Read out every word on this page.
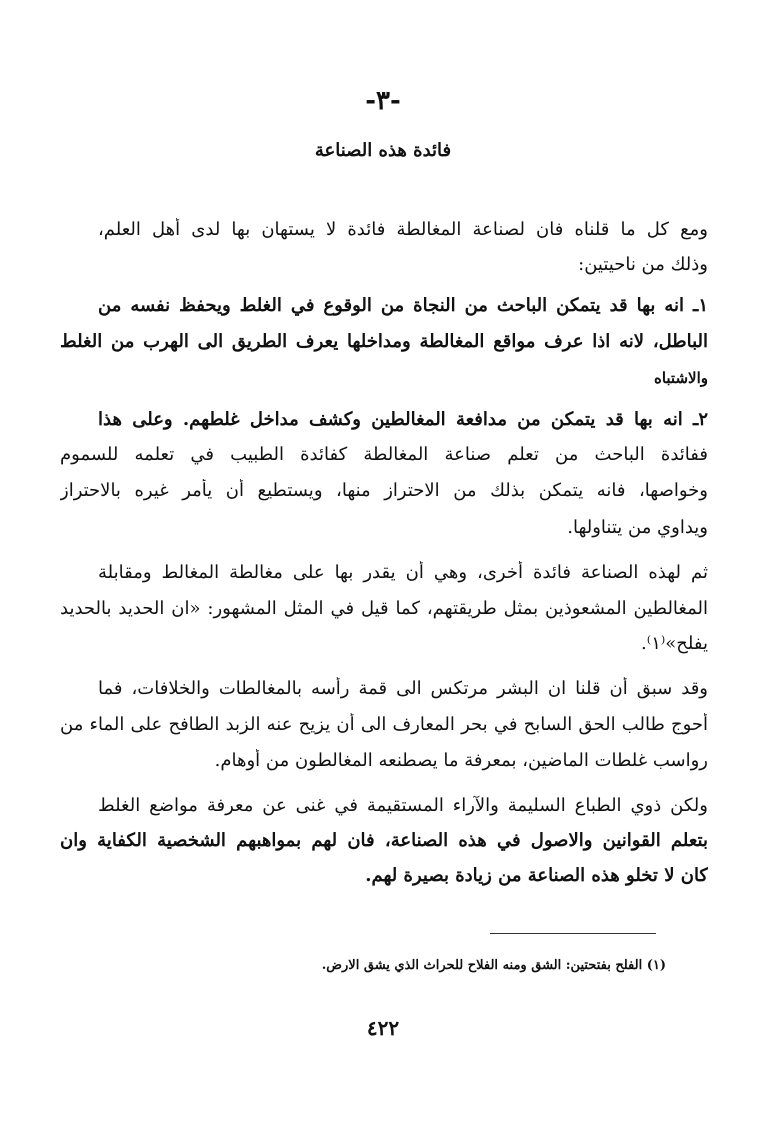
-٣-
فائدة هذه الصناعة
ومع كل ما قلناه فان لصناعة المغالطة فائدة لا يستهان بها لدى أهل العلم،
وذلك من ناحيتين:
١ـ انه بها قد يتمكن الباحث من النجاة من الوقوع في الغلط ويحفظ نفسه من
الباطل، لانه اذا عرف مواقع المغالطة ومداخلها يعرف الطريق الى الهرب من الغلط
والاشتباه
٢ـ انه بها قد يتمكن من مدافعة المغالطين وكشف مداخل غلطهم. وعلى هذا
ففائدة الباحث من تعلم صناعة المغالطة كفائدة الطبيب في تعلمه للسموم
وخواصها، فانه يتمكن بذلك من الاحتراز منها، ويستطيع أن يأمر غيره بالاحتراز
ويداوي من يتناولها.
ثم لهذه الصناعة فائدة أخرى، وهي أن يقدر بها على مغالطة المغالط ومقابلة
المغالطين المشعوذين بمثل طريقتهم، كما قيل في المثل المشهور: «ان الحديد بالحديد
يفلح»⁽١⁾.
وقد سبق أن قلنا ان البشر مرتكس الى قمة رأسه بالمغالطات والخلافات، فما
أحوج طالب الحق السابح في بحر المعارف الى أن يزيح عنه الزبد الطافح على الماء من
رواسب غلطات الماضين، بمعرفة ما يصطنعه المغالطون من أوهام.
ولكن ذوي الطباع السليمة والآراء المستقيمة في غنى عن معرفة مواضع الغلط
بتعلم القوانين والاصول في هذه الصناعة، فان لهم بمواهبهم الشخصية الكفاية وان
كان لا تخلو هذه الصناعة من زيادة بصيرة لهم.
(١) الفلح بفتحتين: الشق ومنه الفلاح للحراث الذي يشق الارض.
٤٢٢
